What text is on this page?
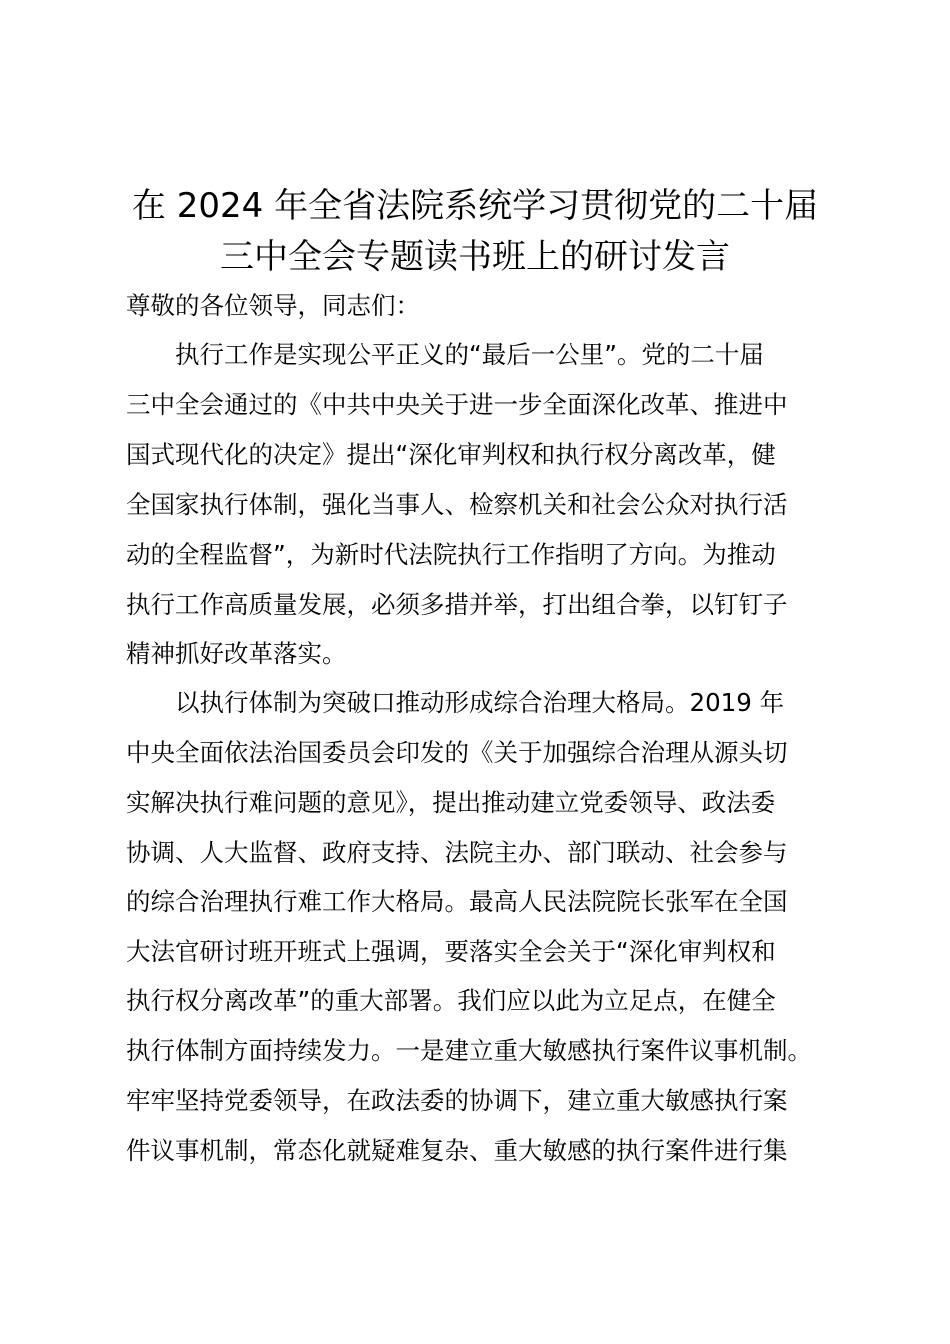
在 2024 年全省法院系统学习贯彻党的二十届
三中全会专题读书班上的研讨发言
尊敬的各位领导，同志们：
　　执行工作是实现公平正义的“最后一公里”。党的二十届
三中全会通过的《中共中央关于进一步全面深化改革、推进中
国式现代化的决定》提出“深化审判权和执行权分离改革，健
全国家执行体制，强化当事人、检察机关和社会公众对执行活
动的全程监督”，为新时代法院执行工作指明了方向。为推动
执行工作高质量发展，必须多措并举，打出组合拳，以钉钉子
精神抓好改革落实。
　　以执行体制为突破口推动形成综合治理大格局。2019 年
中央全面依法治国委员会印发的《关于加强综合治理从源头切
实解决执行难问题的意见》，提出推动建立党委领导、政法委
协调、人大监督、政府支持、法院主办、部门联动、社会参与
的综合治理执行难工作大格局。最高人民法院院长张军在全国
大法官研讨班开班式上强调，要落实全会关于“深化审判权和
执行权分离改革”的重大部署。我们应以此为立足点，在健全
执行体制方面持续发力。一是建立重大敏感执行案件议事机制。
牢牢坚持党委领导，在政法委的协调下，建立重大敏感执行案
件议事机制，常态化就疑难复杂、重大敏感的执行案件进行集
